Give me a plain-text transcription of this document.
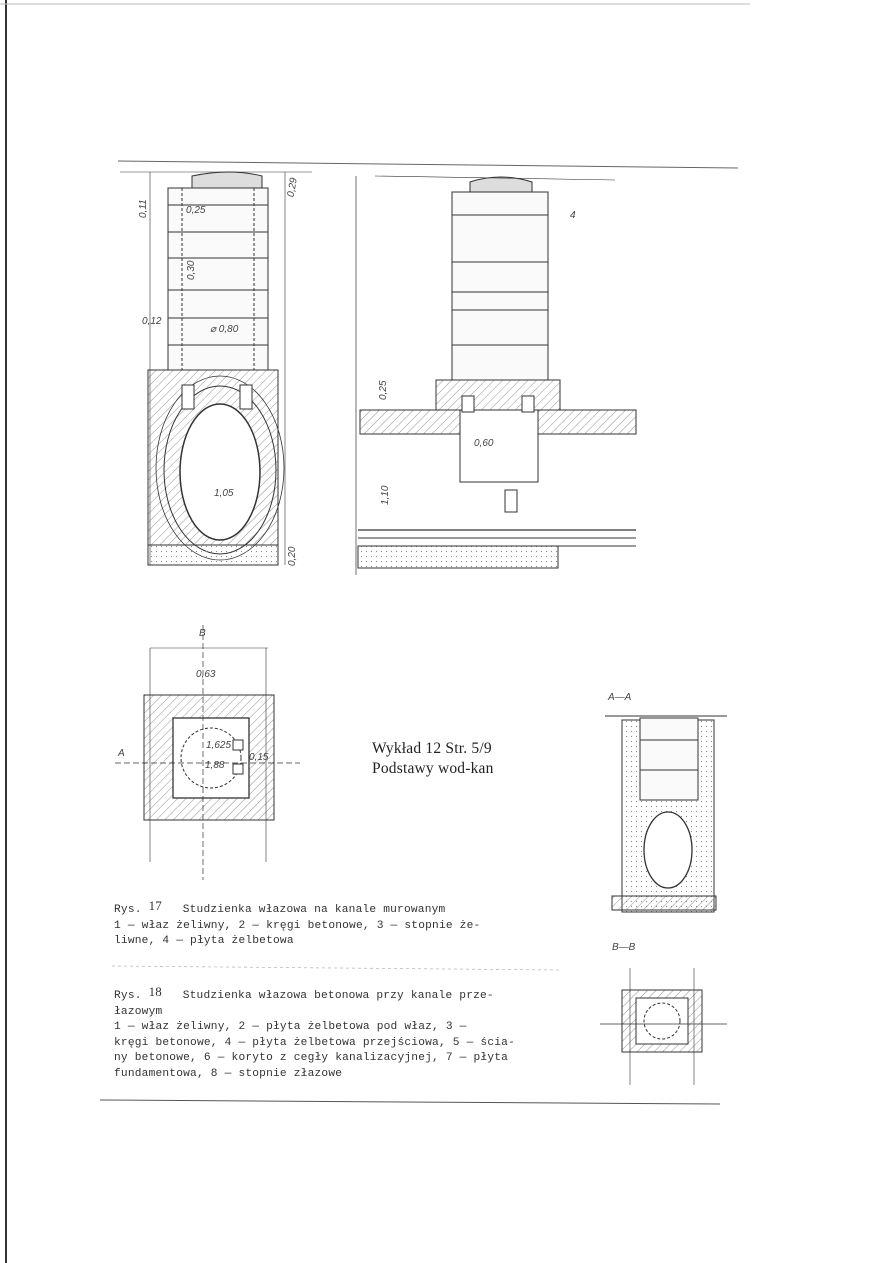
0,29
0,11	0,25
0,30
⌀ 0,80
0,12
0,60
0,25
1,05
0,20
1,10
B
A
0,63
1,625
1,88
0,15
A—A
B—B
4
Wykład 12 Str. 5/9
Podstawy wod-kan
Rys. 17 Studzienka włazowa na kanale murowanym
1 — właz żeliwny, 2 — kręgi betonowe, 3 — stopnie że-
liwne, 4 — płyta żelbetowa
Rys. 18 Studzienka włazowa betonowa przy kanale prze-
łazowym
1 — właz żeliwny, 2 — płyta żelbetowa pod właz, 3 —
kręgi betonowe, 4 — płyta żelbetowa przejściowa, 5 — ścia-
ny betonowe, 6 — koryto z cegły kanalizacyjnej, 7 — płyta
fundamentowa, 8 — stopnie złazowe
